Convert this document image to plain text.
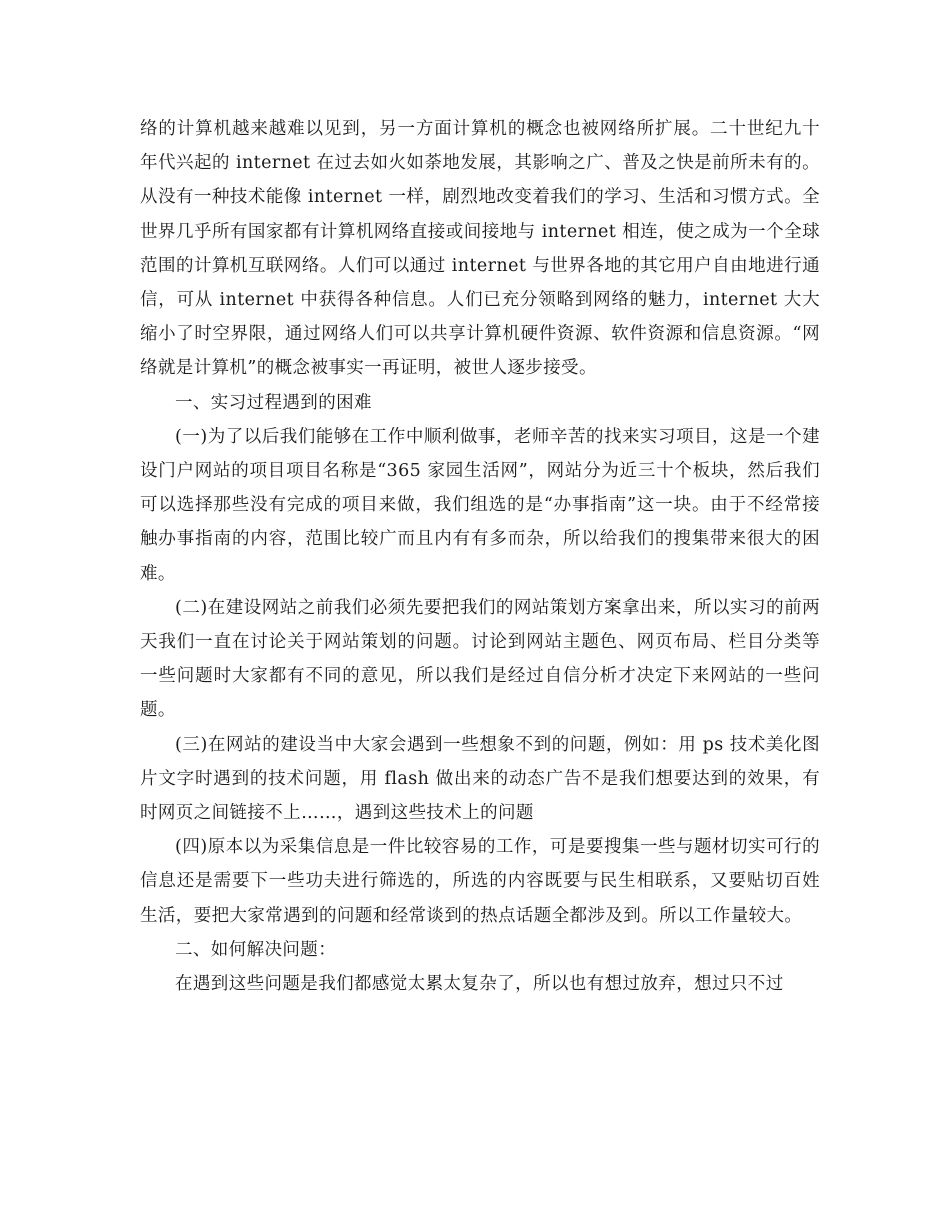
络的计算机越来越难以见到，另一方面计算机的概念也被网络所扩展。二十世纪九十年代兴起的 internet 在过去如火如荼地发展，其影响之广、普及之快是前所未有的。从没有一种技术能像 internet 一样，剧烈地改变着我们的学习、生活和习惯方式。全世界几乎所有国家都有计算机网络直接或间接地与 internet 相连，使之成为一个全球范围的计算机互联网络。人们可以通过 internet 与世界各地的其它用户自由地进行通信，可从 internet 中获得各种信息。人们已充分领略到网络的魅力，internet 大大缩小了时空界限，通过网络人们可以共享计算机硬件资源、软件资源和信息资源。“网络就是计算机”的概念被事实一再证明，被世人逐步接受。

一、实习过程遇到的困难

(一)为了以后我们能够在工作中顺利做事，老师辛苦的找来实习项目，这是一个建设门户网站的项目项目名称是“365 家园生活网”，网站分为近三十个板块，然后我们可以选择那些没有完成的项目来做，我们组选的是“办事指南”这一块。由于不经常接触办事指南的内容，范围比较广而且内有有多而杂，所以给我们的搜集带来很大的困难。

(二)在建设网站之前我们必须先要把我们的网站策划方案拿出来，所以实习的前两天我们一直在讨论关于网站策划的问题。讨论到网站主题色、网页布局、栏目分类等一些问题时大家都有不同的意见，所以我们是经过自信分析才决定下来网站的一些问题。

(三)在网站的建设当中大家会遇到一些想象不到的问题，例如：用 ps 技术美化图片文字时遇到的技术问题，用 flash 做出来的动态广告不是我们想要达到的效果，有时网页之间链接不上……，遇到这些技术上的问题

(四)原本以为采集信息是一件比较容易的工作，可是要搜集一些与题材切实可行的信息还是需要下一些功夫进行筛选的，所选的内容既要与民生相联系，又要贴切百姓生活，要把大家常遇到的问题和经常谈到的热点话题全都涉及到。所以工作量较大。

二、如何解决问题：

在遇到这些问题是我们都感觉太累太复杂了，所以也有想过放弃，想过只不过
